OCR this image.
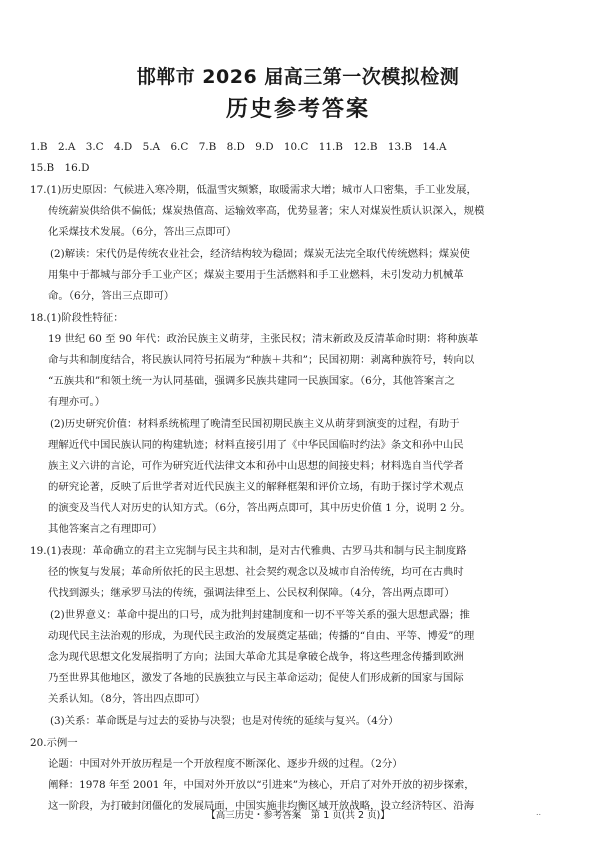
邯郸市 2026 届高三第一次模拟检测
历史参考答案
1.B　2.A　3.C　4.D　5.A　6.C　7.B　8.D　9.D　10.C　11.B　12.B　13.B　14.A
15.B　16.D
17.(1)历史原因：气候进入寒冷期，低温雪灾频繁，取暖需求大增；城市人口密集，手工业发展，
传统薪炭供给供不偏低；煤炭热值高、运输效率高，优势显著；宋人对煤炭性质认识深入，规模
化采煤技术发展。（6分，答出三点即可）
(2)解读：宋代仍是传统农业社会，经济结构较为稳固；煤炭无法完全取代传统燃料；煤炭使
用集中于都城与部分手工业产区；煤炭主要用于生活燃料和手工业燃料，未引发动力机械革
命。（6分，答出三点即可）
18.(1)阶段性特征：
19 世纪 60 至 90 年代：政治民族主义萌芽，主张民权；清末新政及反清革命时期：将种族革
命与共和制度结合，将民族认同符号拓展为“种族＋共和”；民国初期：剥离种族符号，转向以
“五族共和”和领土统一为认同基础，强调多民族共建同一民族国家。（6分，其他答案言之
有理亦可。）
(2)历史研究价值：材料系统梳理了晚清至民国初期民族主义从萌芽到演变的过程，有助于
理解近代中国民族认同的构建轨迹；材料直接引用了《中华民国临时约法》条文和孙中山民
族主义六讲的言论，可作为研究近代法律文本和孙中山思想的间接史料；材料选自当代学者
的研究论著，反映了后世学者对近代民族主义的解释框架和评价立场，有助于探讨学术观点
的演变及当代人对历史的认知方式。（6分，答出两点即可，其中历史价值 1 分，说明 2 分。
其他答案言之有理即可）
19.(1)表现：革命确立的君主立宪制与民主共和制，是对古代雅典、古罗马共和制与民主制度路
径的恢复与发展；革命所依托的民主思想、社会契约观念以及城市自治传统，均可在古典时
代找到源头；继承罗马法的传统，强调法律至上、公民权利保障。（4分，答出两点即可）
(2)世界意义：革命中提出的口号，成为批判封建制度和一切不平等关系的强大思想武器；推
动现代民主法治观的形成，为现代民主政治的发展奠定基础；传播的“自由、平等、博爱”的理
念为现代思想文化发展指明了方向；法国大革命尤其是拿破仑战争，将这些理念传播到欧洲
乃至世界其他地区，激发了各地的民族独立与民主革命运动；促使人们形成新的国家与国际
关系认知。（8分，答出四点即可）
(3)关系：革命既是与过去的妥协与决裂；也是对传统的延续与复兴。（4分）
20.示例一
论题：中国对外开放历程是一个开放程度不断深化、逐步升级的过程。（2分）
阐释：1978 年至 2001 年，中国对外开放以“引进来”为核心，开启了对外开放的初步探索，
这一阶段，为打破封闭僵化的发展局面，中国实施非均衡区域开放战略，设立经济特区、沿海
【高三历史・参考答案　第 1 页(共 2 页)】	..
